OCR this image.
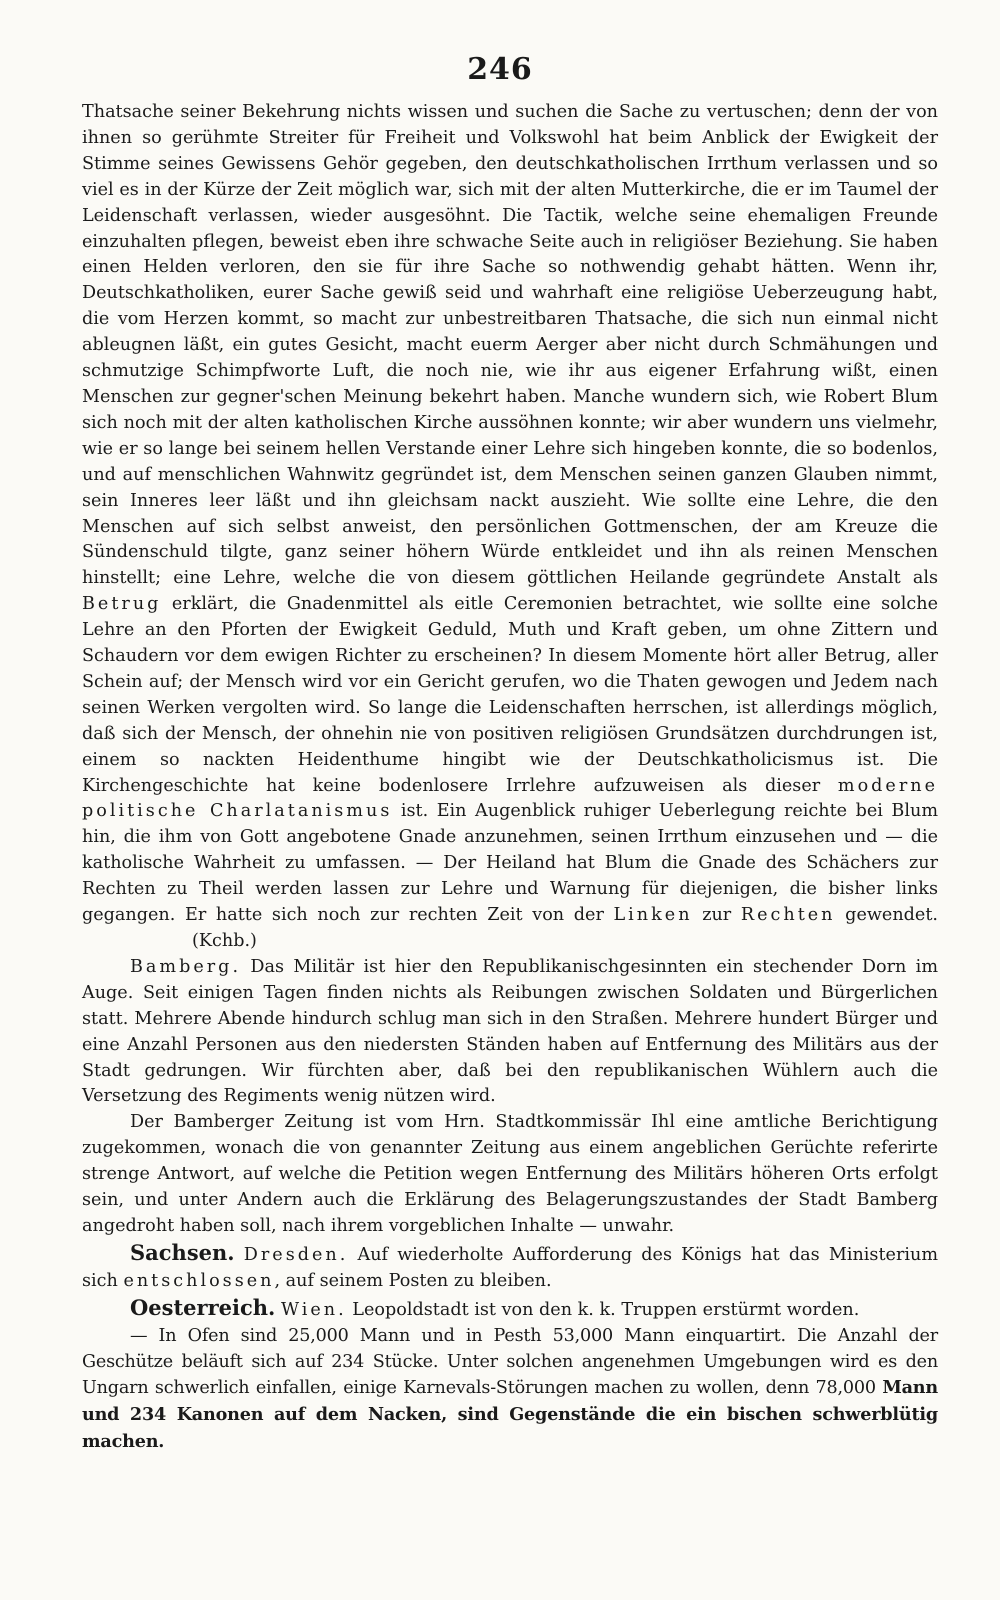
246

Thatsache seiner Bekehrung nichts wissen und suchen die Sache zu vertuschen; denn der von ihnen so gerühmte Streiter für Freiheit und Volkswohl hat beim Anblick der Ewigkeit der Stimme seines Gewissens Gehör gegeben, den deutschkatholischen Irrthum verlassen und so viel es in der Kürze der Zeit möglich war, sich mit der alten Mutterkirche, die er im Taumel der Leidenschaft verlassen, wieder ausgesöhnt. Die Tactik, welche seine ehemaligen Freunde einzuhalten pflegen, beweist eben ihre schwache Seite auch in religiöser Beziehung. Sie haben einen Helden verloren, den sie für ihre Sache so nothwendig gehabt hätten. Wenn ihr, Deutschkatholiken, eurer Sache gewiß seid und wahrhaft eine religiöse Ueberzeugung habt, die vom Herzen kommt, so macht zur unbestreitbaren Thatsache, die sich nun einmal nicht ableugnen läßt, ein gutes Gesicht, macht euerm Aerger aber nicht durch Schmähungen und schmutzige Schimpfworte Luft, die noch nie, wie ihr aus eigener Erfahrung wißt, einen Menschen zur gegner'schen Meinung bekehrt haben. Manche wundern sich, wie Robert Blum sich noch mit der alten katholischen Kirche aussöhnen konnte; wir aber wundern uns vielmehr, wie er so lange bei seinem hellen Verstande einer Lehre sich hingeben konnte, die so bodenlos, und auf menschlichen Wahnwitz gegründet ist, dem Menschen seinen ganzen Glauben nimmt, sein Inneres leer läßt und ihn gleichsam nackt auszieht. Wie sollte eine Lehre, die den Menschen auf sich selbst anweist, den persönlichen Gottmenschen, der am Kreuze die Sündenschuld tilgte, ganz seiner höhern Würde entkleidet und ihn als reinen Menschen hinstellt; eine Lehre, welche die von diesem göttlichen Heilande gegründete Anstalt als Betrug erklärt, die Gnadenmittel als eitle Ceremonien betrachtet, wie sollte eine solche Lehre an den Pforten der Ewigkeit Geduld, Muth und Kraft geben, um ohne Zittern und Schaudern vor dem ewigen Richter zu erscheinen? In diesem Momente hört aller Betrug, aller Schein auf; der Mensch wird vor ein Gericht gerufen, wo die Thaten gewogen und Jedem nach seinen Werken vergolten wird. So lange die Leidenschaften herrschen, ist allerdings möglich, daß sich der Mensch, der ohnehin nie von positiven religiösen Grundsätzen durchdrungen ist, einem so nackten Heidenthume hingibt wie der Deutschkatholicismus ist. Die Kirchengeschichte hat keine bodenlosere Irrlehre aufzuweisen als dieser moderne politische Charlatanismus ist. Ein Augenblick ruhiger Ueberlegung reichte bei Blum hin, die ihm von Gott angebotene Gnade anzunehmen, seinen Irrthum einzusehen und — die katholische Wahrheit zu umfassen. — Der Heiland hat Blum die Gnade des Schächers zur Rechten zu Theil werden lassen zur Lehre und Warnung für diejenigen, die bisher links gegangen. Er hatte sich noch zur rechten Zeit von der Linken zur Rechten gewendet.(Kchb.)

Bamberg. Das Militär ist hier den Republikanischgesinnten ein stechender Dorn im Auge. Seit einigen Tagen finden nichts als Reibungen zwischen Soldaten und Bürgerlichen statt. Mehrere Abende hindurch schlug man sich in den Straßen. Mehrere hundert Bürger und eine Anzahl Personen aus den niedersten Ständen haben auf Entfernung des Militärs aus der Stadt gedrungen. Wir fürchten aber, daß bei den republikanischen Wühlern auch die Versetzung des Regiments wenig nützen wird.

Der Bamberger Zeitung ist vom Hrn. Stadtkommissär Ihl eine amtliche Berichtigung zugekommen, wonach die von genannter Zeitung aus einem angeblichen Gerüchte referirte strenge Antwort, auf welche die Petition wegen Entfernung des Militärs höheren Orts erfolgt sein, und unter Andern auch die Erklärung des Belagerungszustandes der Stadt Bamberg angedroht haben soll, nach ihrem vorgeblichen Inhalte — unwahr.

Sachsen. Dresden. Auf wiederholte Aufforderung des Königs hat das Ministerium sich entschlossen, auf seinem Posten zu bleiben.

Oesterreich. Wien. Leopoldstadt ist von den k. k. Truppen erstürmt worden.

— In Ofen sind 25,000 Mann und in Pesth 53,000 Mann einquartirt. Die Anzahl der Geschütze beläuft sich auf 234 Stücke. Unter solchen angenehmen Umgebungen wird es den Ungarn schwerlich einfallen, einige Karnevals-Störungen machen zu wollen, denn 78,000 Mann und 234 Kanonen auf dem Nacken, sind Gegenstände die ein bischen schwerblütig machen.
